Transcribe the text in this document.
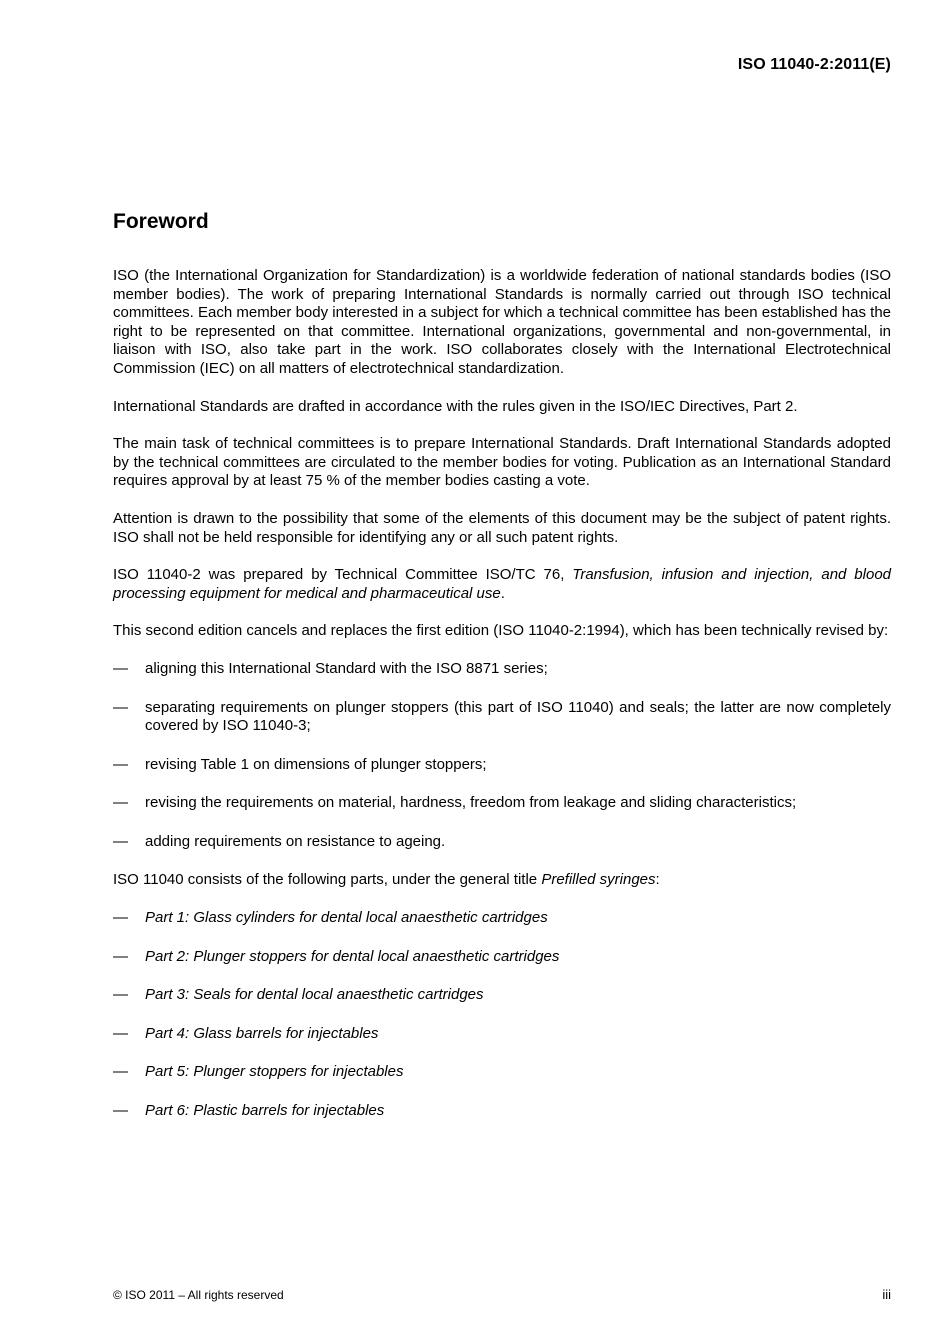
ISO 11040-2:2011(E)
Foreword

ISO (the International Organization for Standardization) is a worldwide federation of national standards bodies (ISO member bodies). The work of preparing International Standards is normally carried out through ISO technical committees. Each member body interested in a subject for which a technical committee has been established has the right to be represented on that committee. International organizations, governmental and non-governmental, in liaison with ISO, also take part in the work. ISO collaborates closely with the International Electrotechnical Commission (IEC) on all matters of electrotechnical standardization.

International Standards are drafted in accordance with the rules given in the ISO/IEC Directives, Part 2.

The main task of technical committees is to prepare International Standards. Draft International Standards adopted by the technical committees are circulated to the member bodies for voting. Publication as an International Standard requires approval by at least 75 % of the member bodies casting a vote.

Attention is drawn to the possibility that some of the elements of this document may be the subject of patent rights. ISO shall not be held responsible for identifying any or all such patent rights.

ISO 11040-2 was prepared by Technical Committee ISO/TC 76, Transfusion, infusion and injection, and blood processing equipment for medical and pharmaceutical use.

This second edition cancels and replaces the first edition (ISO 11040-2:1994), which has been technically revised by:

— aligning this International Standard with the ISO 8871 series;
— separating requirements on plunger stoppers (this part of ISO 11040) and seals; the latter are now completely covered by ISO 11040-3;
— revising Table 1 on dimensions of plunger stoppers;
— revising the requirements on material, hardness, freedom from leakage and sliding characteristics;
— adding requirements on resistance to ageing.

ISO 11040 consists of the following parts, under the general title Prefilled syringes:

— Part 1: Glass cylinders for dental local anaesthetic cartridges
— Part 2: Plunger stoppers for dental local anaesthetic cartridges
— Part 3: Seals for dental local anaesthetic cartridges
— Part 4: Glass barrels for injectables
— Part 5: Plunger stoppers for injectables
— Part 6: Plastic barrels for injectables
© ISO 2011 – All rights reserved	iii
